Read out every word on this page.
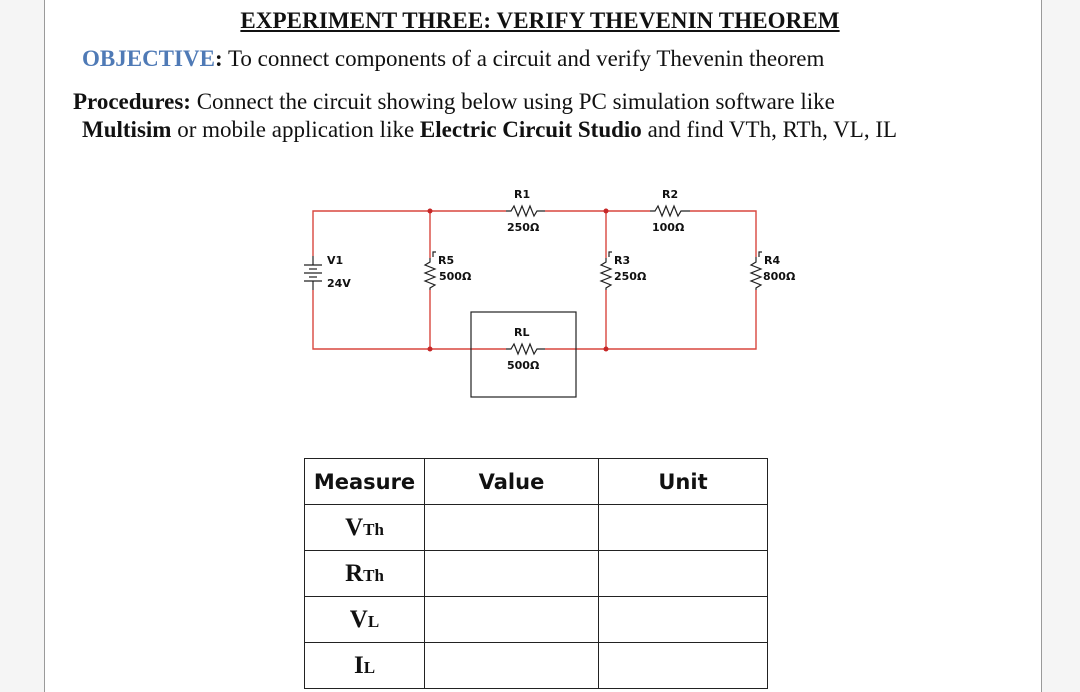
EXPERIMENT THREE: VERIFY THEVENIN THEOREM
OBJECTIVE: To connect components of a circuit and verify Thevenin theorem
Procedures: Connect the circuit showing below using PC simulation software like
Multisim or mobile application like Electric Circuit Studio and find VTh, RTh, VL, IL
V1
24V
R1
250Ω
R2
100Ω
R5
500Ω
R3
250Ω
R4
800Ω
RL
500Ω
Measure	Value	Unit
VTh		
RTh		
VL		
IL		
